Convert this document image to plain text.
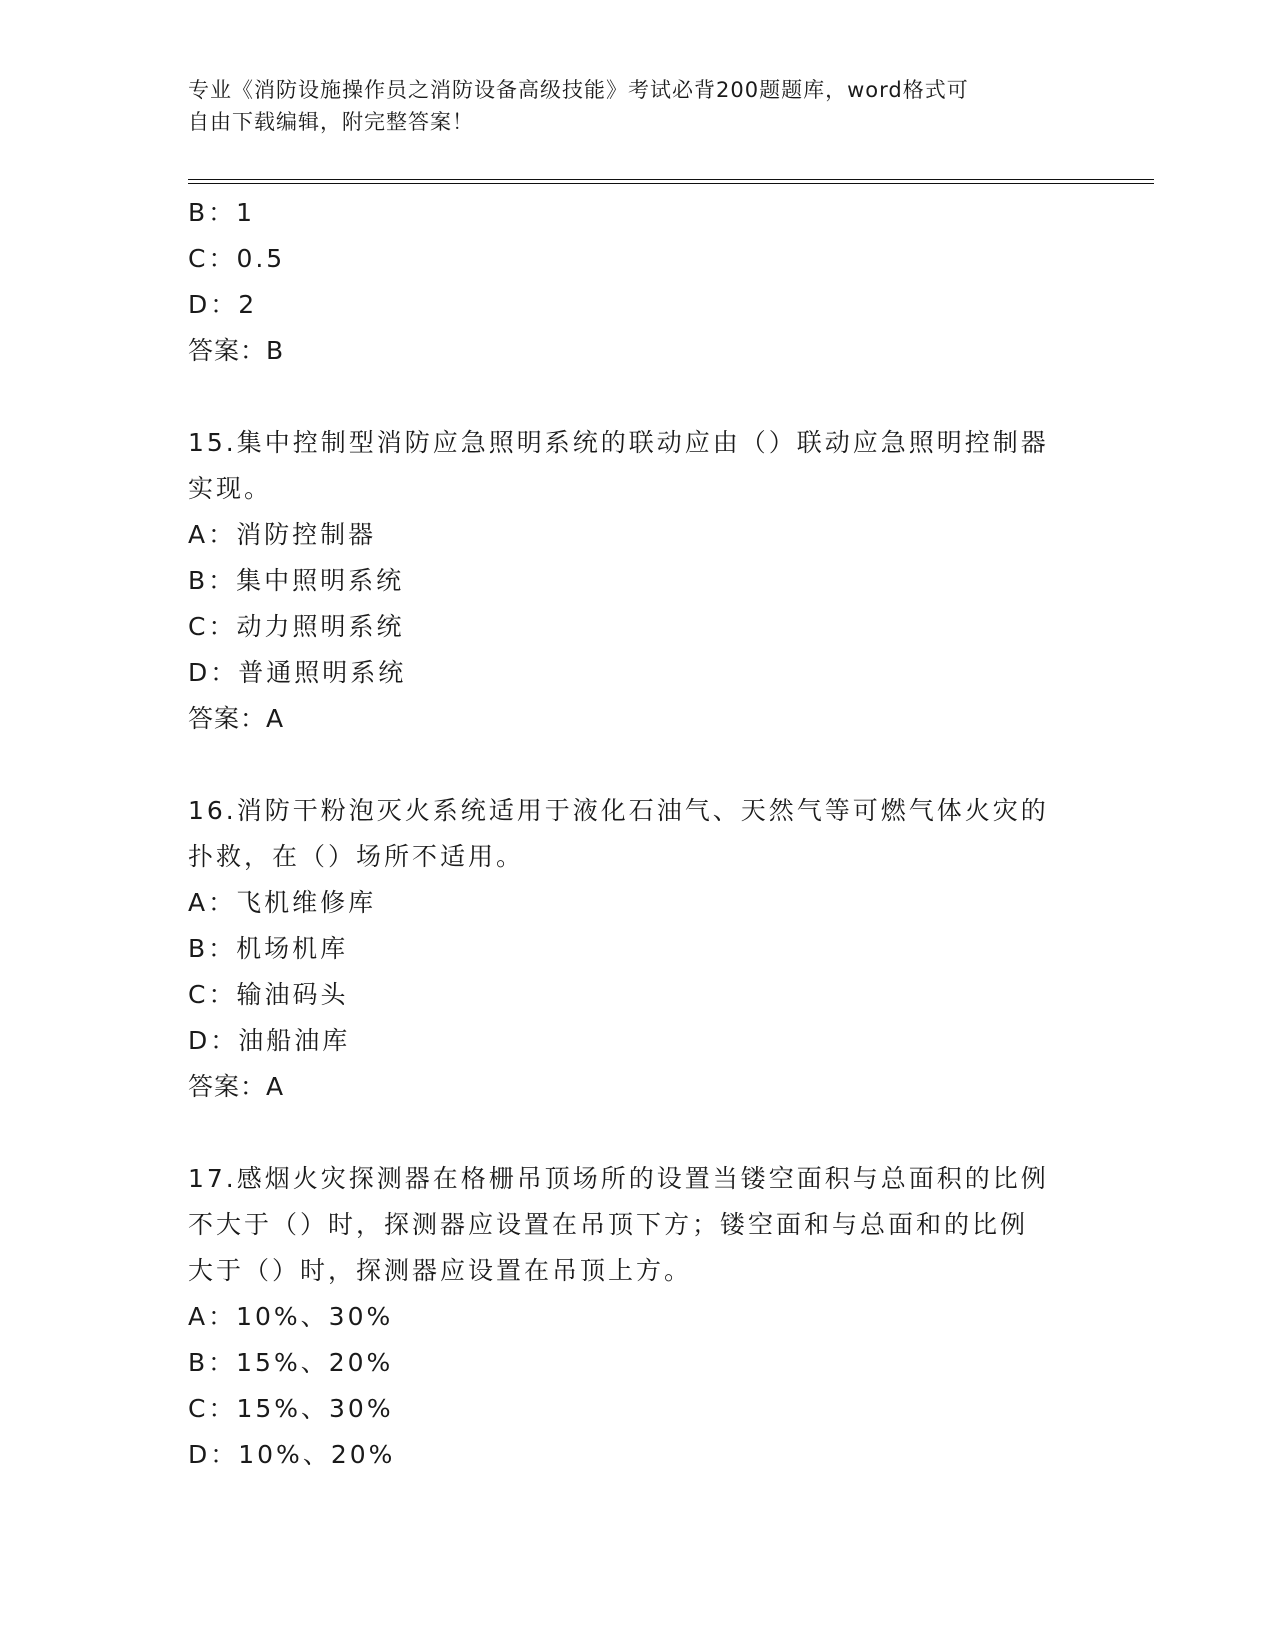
专业《消防设施操作员之消防设备高级技能》考试必背200题题库，word格式可
自由下载编辑，附完整答案！
B：1
C：0.5
D：2
答案：B
15.集中控制型消防应急照明系统的联动应由（）联动应急照明控制器
实现。
A：消防控制器
B：集中照明系统
C：动力照明系统
D：普通照明系统
答案：A
16.消防干粉泡灭火系统适用于液化石油气、天然气等可燃气体火灾的
扑救，在（）场所不适用。
A：飞机维修库
B：机场机库
C：输油码头
D：油船油库
答案：A
17.感烟火灾探测器在格栅吊顶场所的设置当镂空面积与总面积的比例
不大于（）时，探测器应设置在吊顶下方；镂空面和与总面和的比例
大于（）时，探测器应设置在吊顶上方。
A：10%、30%
B：15%、20%
C：15%、30%
D：10%、20%
